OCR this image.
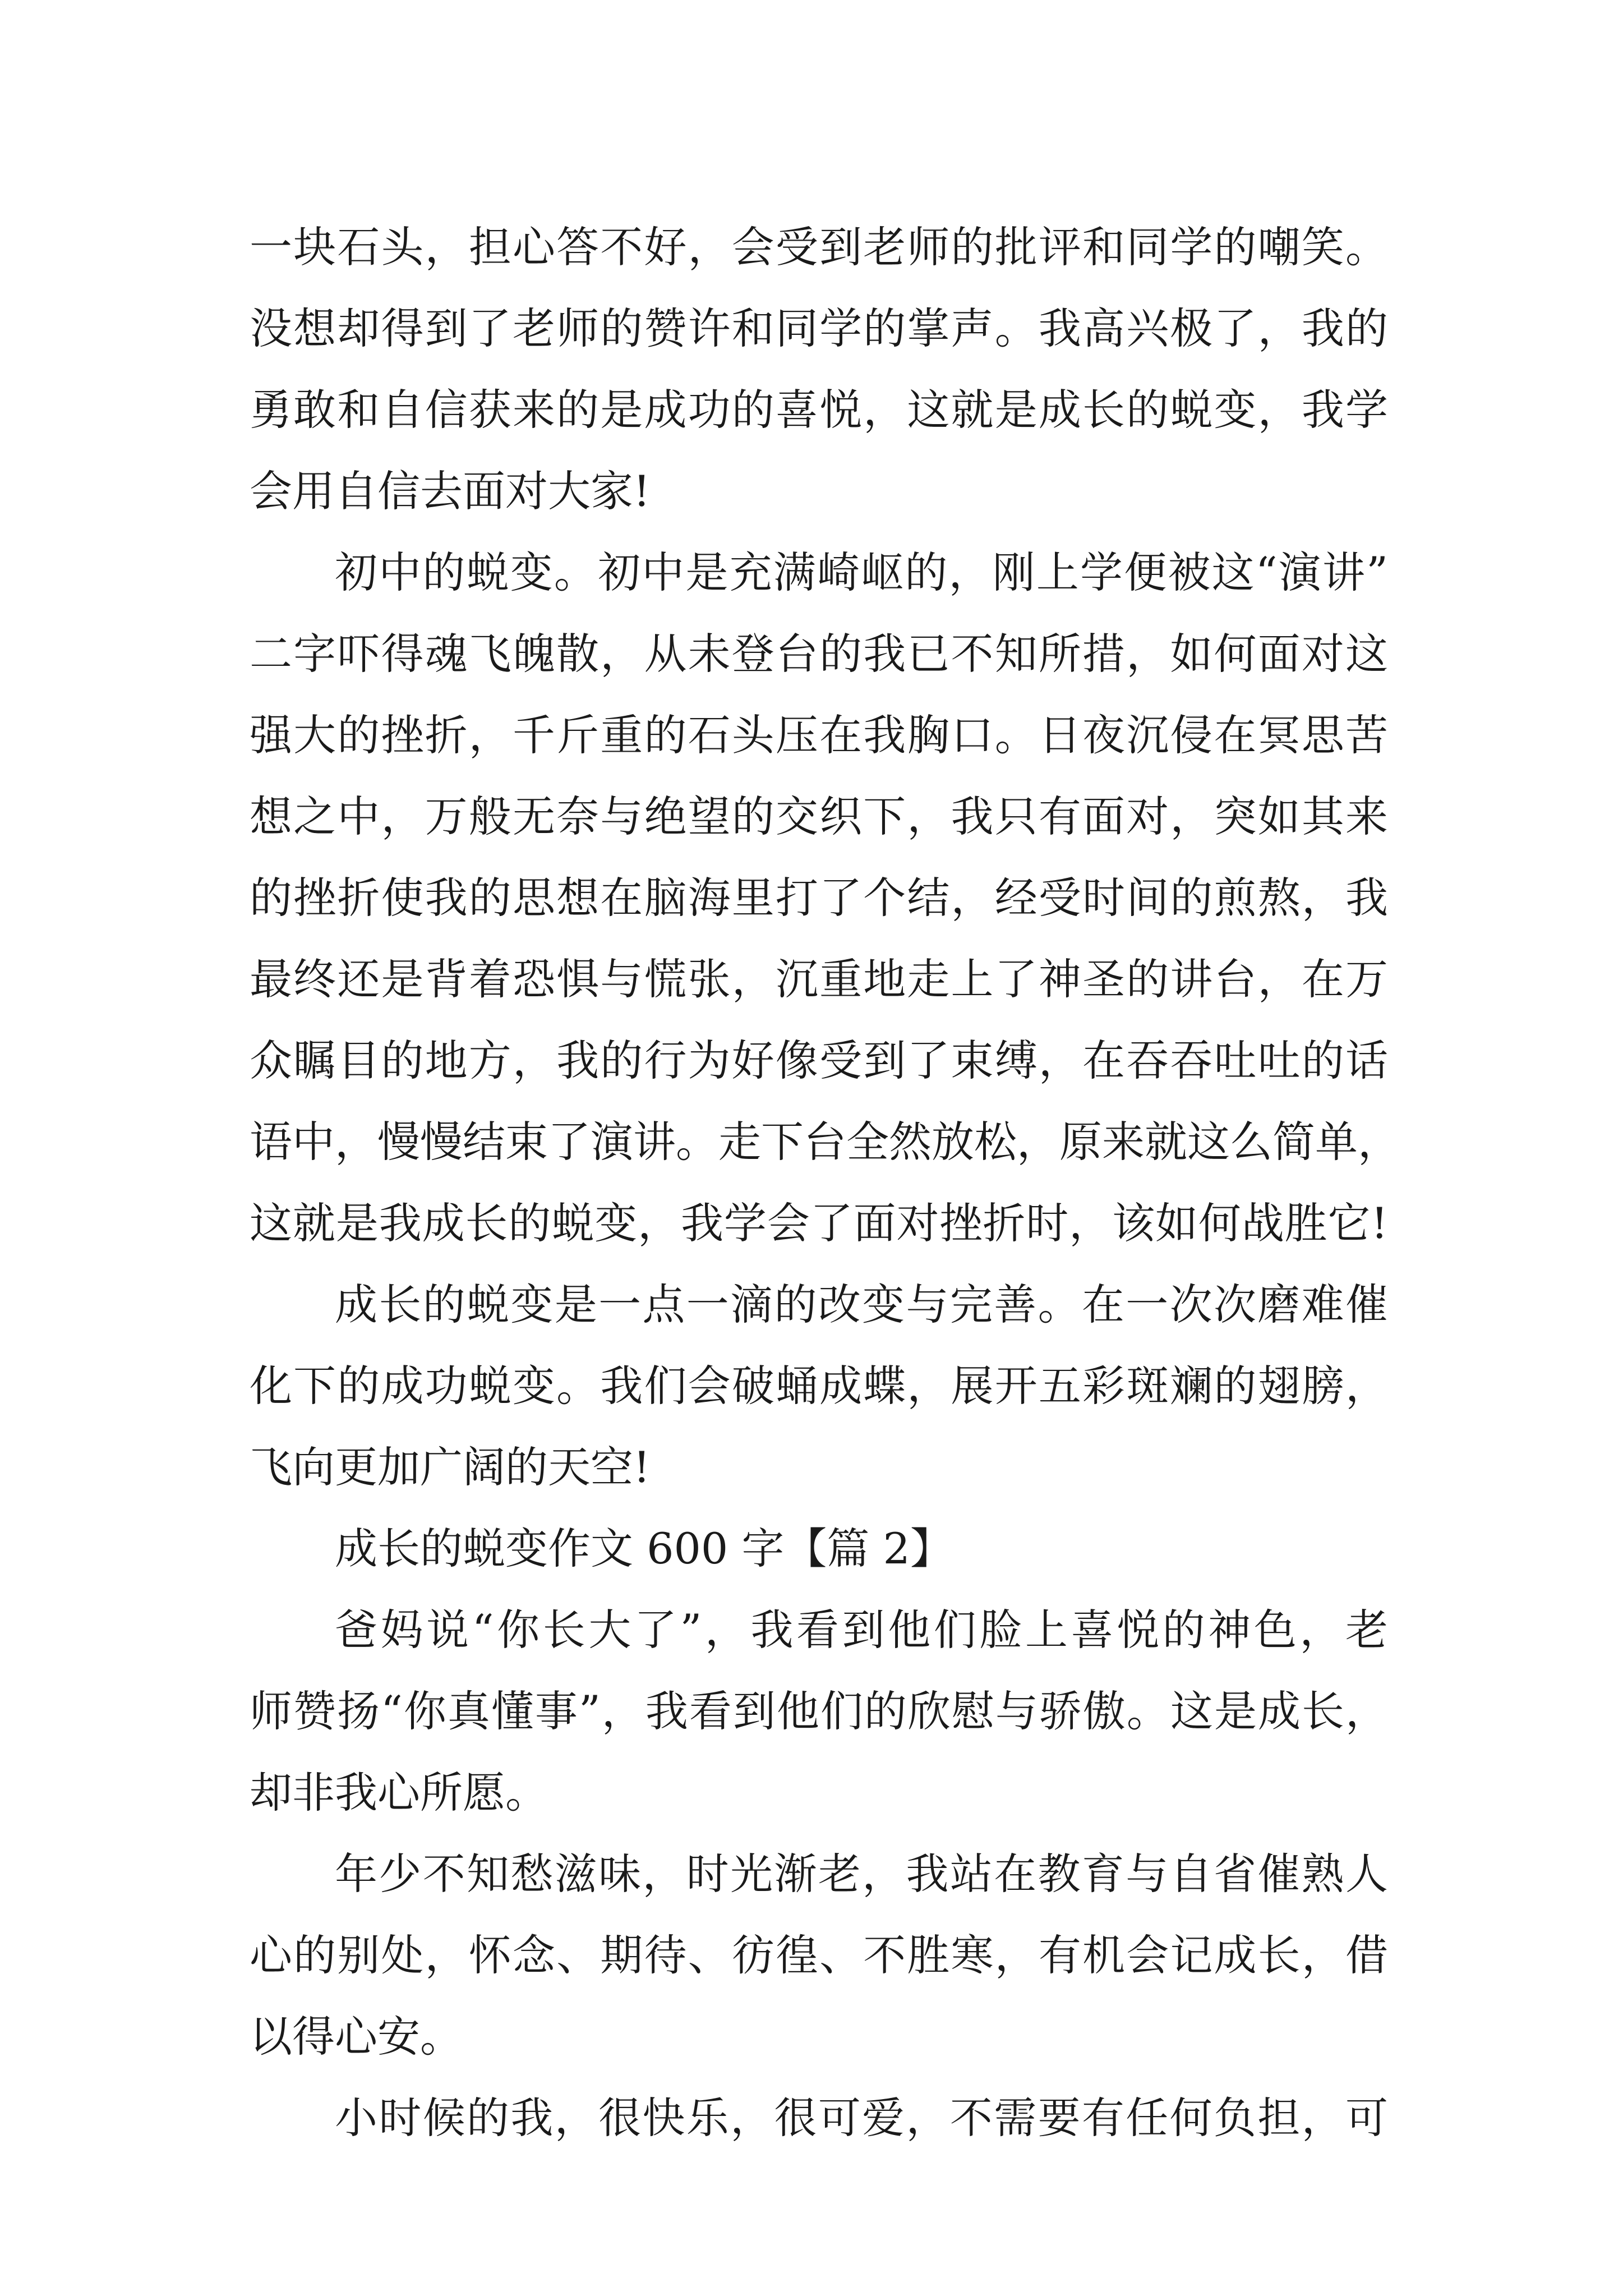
一块石头，担心答不好，会受到老师的批评和同学的嘲笑。
没想却得到了老师的赞许和同学的掌声。我高兴极了，我的
勇敢和自信获来的是成功的喜悦，这就是成长的蜕变，我学
会用自信去面对大家!
初中的蜕变。初中是充满崎岖的，刚上学便被这“演讲”
二字吓得魂飞魄散，从未登台的我已不知所措，如何面对这
强大的挫折，千斤重的石头压在我胸口。日夜沉侵在冥思苦
想之中，万般无奈与绝望的交织下，我只有面对，突如其来
的挫折使我的思想在脑海里打了个结，经受时间的煎熬，我
最终还是背着恐惧与慌张，沉重地走上了神圣的讲台，在万
众瞩目的地方，我的行为好像受到了束缚，在吞吞吐吐的话
语中，慢慢结束了演讲。走下台全然放松，原来就这么简单，
这就是我成长的蜕变，我学会了面对挫折时，该如何战胜它!
成长的蜕变是一点一滴的改变与完善。在一次次磨难催
化下的成功蜕变。我们会破蛹成蝶，展开五彩斑斓的翅膀，
飞向更加广阔的天空!
成长的蜕变作文 600 字【篇 2】
爸妈说“你长大了”，我看到他们脸上喜悦的神色，老
师赞扬“你真懂事”，我看到他们的欣慰与骄傲。这是成长，
却非我心所愿。
年少不知愁滋味，时光渐老，我站在教育与自省催熟人
心的别处，怀念、期待、彷徨、不胜寒，有机会记成长，借
以得心安。
小时候的我，很快乐，很可爱，不需要有任何负担，可
